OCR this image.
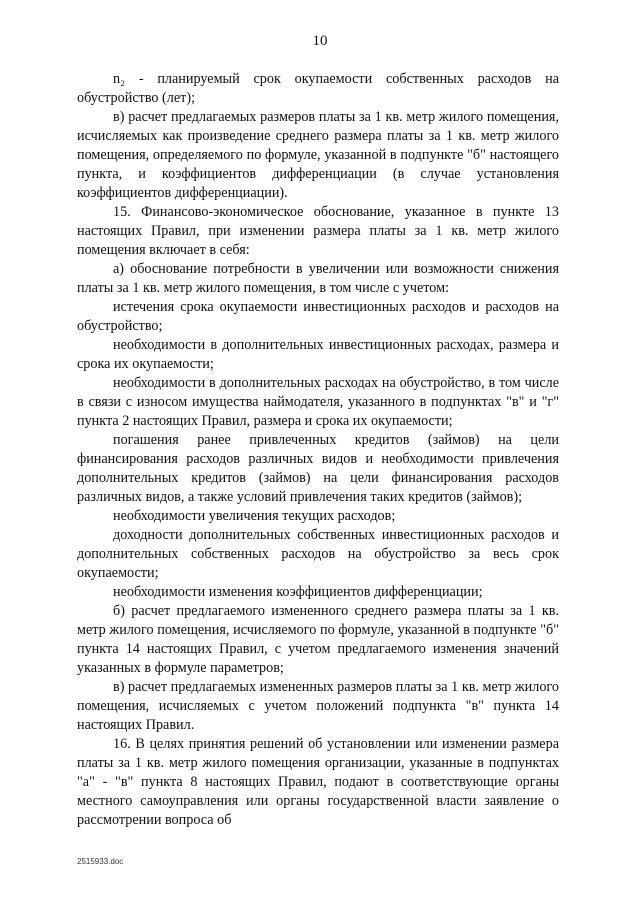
10

n₂ - планируемый срок окупаемости собственных расходов на обустройство (лет);

в) расчет предлагаемых размеров платы за 1 кв. метр жилого помещения, исчисляемых как произведение среднего размера платы за 1 кв. метр жилого помещения, определяемого по формуле, указанной в подпункте "б" настоящего пункта, и коэффициентов дифференциации (в случае установления коэффициентов дифференциации).

15. Финансово-экономическое обоснование, указанное в пункте 13 настоящих Правил, при изменении размера платы за 1 кв. метр жилого помещения включает в себя:

а) обоснование потребности в увеличении или возможности снижения платы за 1 кв. метр жилого помещения, в том числе с учетом:

истечения срока окупаемости инвестиционных расходов и расходов на обустройство;

необходимости в дополнительных инвестиционных расходах, размера и срока их окупаемости;

необходимости в дополнительных расходах на обустройство, в том числе в связи с износом имущества наймодателя, указанного в подпунктах "в" и "г" пункта 2 настоящих Правил, размера и срока их окупаемости;

погашения ранее привлеченных кредитов (займов) на цели финансирования расходов различных видов и необходимости привлечения дополнительных кредитов (займов) на цели финансирования расходов различных видов, а также условий привлечения таких кредитов (займов);

необходимости увеличения текущих расходов;

доходности дополнительных собственных инвестиционных расходов и дополнительных собственных расходов на обустройство за весь срок окупаемости;

необходимости изменения коэффициентов дифференциации;

б) расчет предлагаемого измененного среднего размера платы за 1 кв. метр жилого помещения, исчисляемого по формуле, указанной в подпункте "б" пункта 14 настоящих Правил, с учетом предлагаемого изменения значений указанных в формуле параметров;

в) расчет предлагаемых измененных размеров платы за 1 кв. метр жилого помещения, исчисляемых с учетом положений подпункта "в" пункта 14 настоящих Правил.

16. В целях принятия решений об установлении или изменении размера платы за 1 кв. метр жилого помещения организации, указанные в подпунктах "а" - "в" пункта 8 настоящих Правил, подают в соответствующие органы местного самоуправления или органы государственной власти заявление о рассмотрении вопроса об

2515933.doc
